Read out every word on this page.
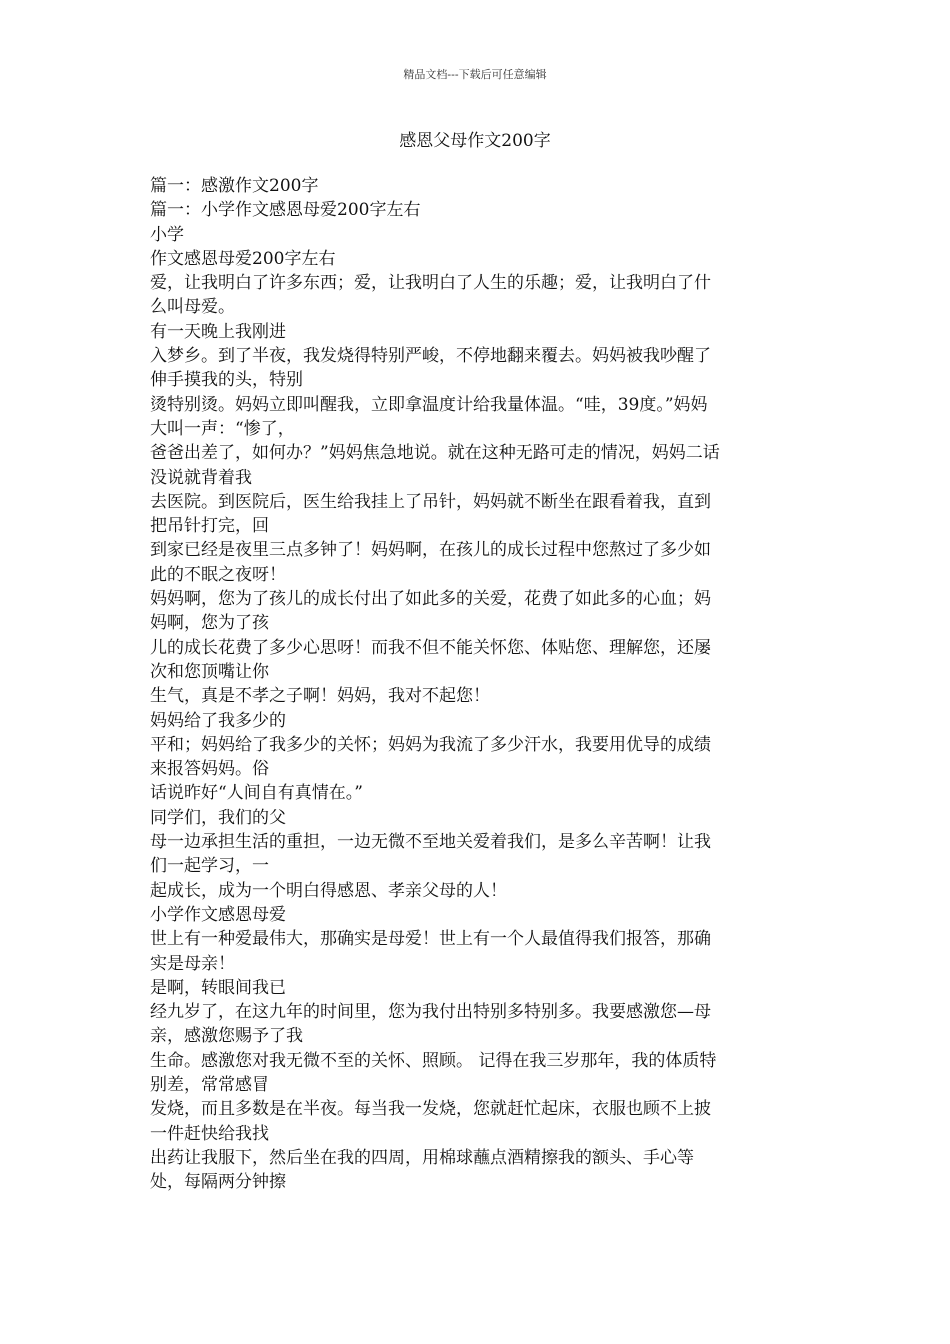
精品文档---下载后可任意编辑
感恩父母作文200字

篇一：感激作文200字

篇一：小学作文感恩母爱200字左右

小学

作文感恩母爱200字左右

爱，让我明白了许多东西；爱，让我明白了人生的乐趣；爱，让我明白了什

么叫母爱。

有一天晚上我刚进

入梦乡。到了半夜，我发烧得特别严峻，不停地翻来覆去。妈妈被我吵醒了

伸手摸我的头，特别

烫特别烫。妈妈立即叫醒我，立即拿温度计给我量体温。“哇，39度。”妈妈

大叫一声：“惨了，

爸爸出差了，如何办？”妈妈焦急地说。就在这种无路可走的情况，妈妈二话

没说就背着我

去医院。到医院后，医生给我挂上了吊针，妈妈就不断坐在跟看着我，直到

把吊针打完，回

到家已经是夜里三点多钟了！妈妈啊，在孩儿的成长过程中您熬过了多少如

此的不眠之夜呀！

妈妈啊，您为了孩儿的成长付出了如此多的关爱，花费了如此多的心血；妈

妈啊，您为了孩

儿的成长花费了多少心思呀！而我不但不能关怀您、体贴您、理解您，还屡

次和您顶嘴让你

生气，真是不孝之子啊！妈妈，我对不起您！

妈妈给了我多少的

平和；妈妈给了我多少的关怀；妈妈为我流了多少汗水，我要用优导的成绩

来报答妈妈。俗

话说昨好“人间自有真情在。”

同学们，我们的父

母一边承担生活的重担，一边无微不至地关爱着我们，是多么辛苦啊！让我

们一起学习，一

起成长，成为一个明白得感恩、孝亲父母的人！

小学作文感恩母爱

世上有一种爱最伟大，那确实是母爱！世上有一个人最值得我们报答，那确

实是母亲！

是啊，转眼间我已

经九岁了，在这九年的时间里，您为我付出特别多特别多。我要感激您—母

亲，感激您赐予了我

生命。感激您对我无微不至的关怀、照顾。 记得在我三岁那年，我的体质特

别差，常常感冒

发烧，而且多数是在半夜。每当我一发烧，您就赶忙起床，衣服也顾不上披

一件赶快给我找

出药让我服下，然后坐在我的四周，用棉球蘸点酒精擦我的额头、手心等

处，每隔两分钟擦
